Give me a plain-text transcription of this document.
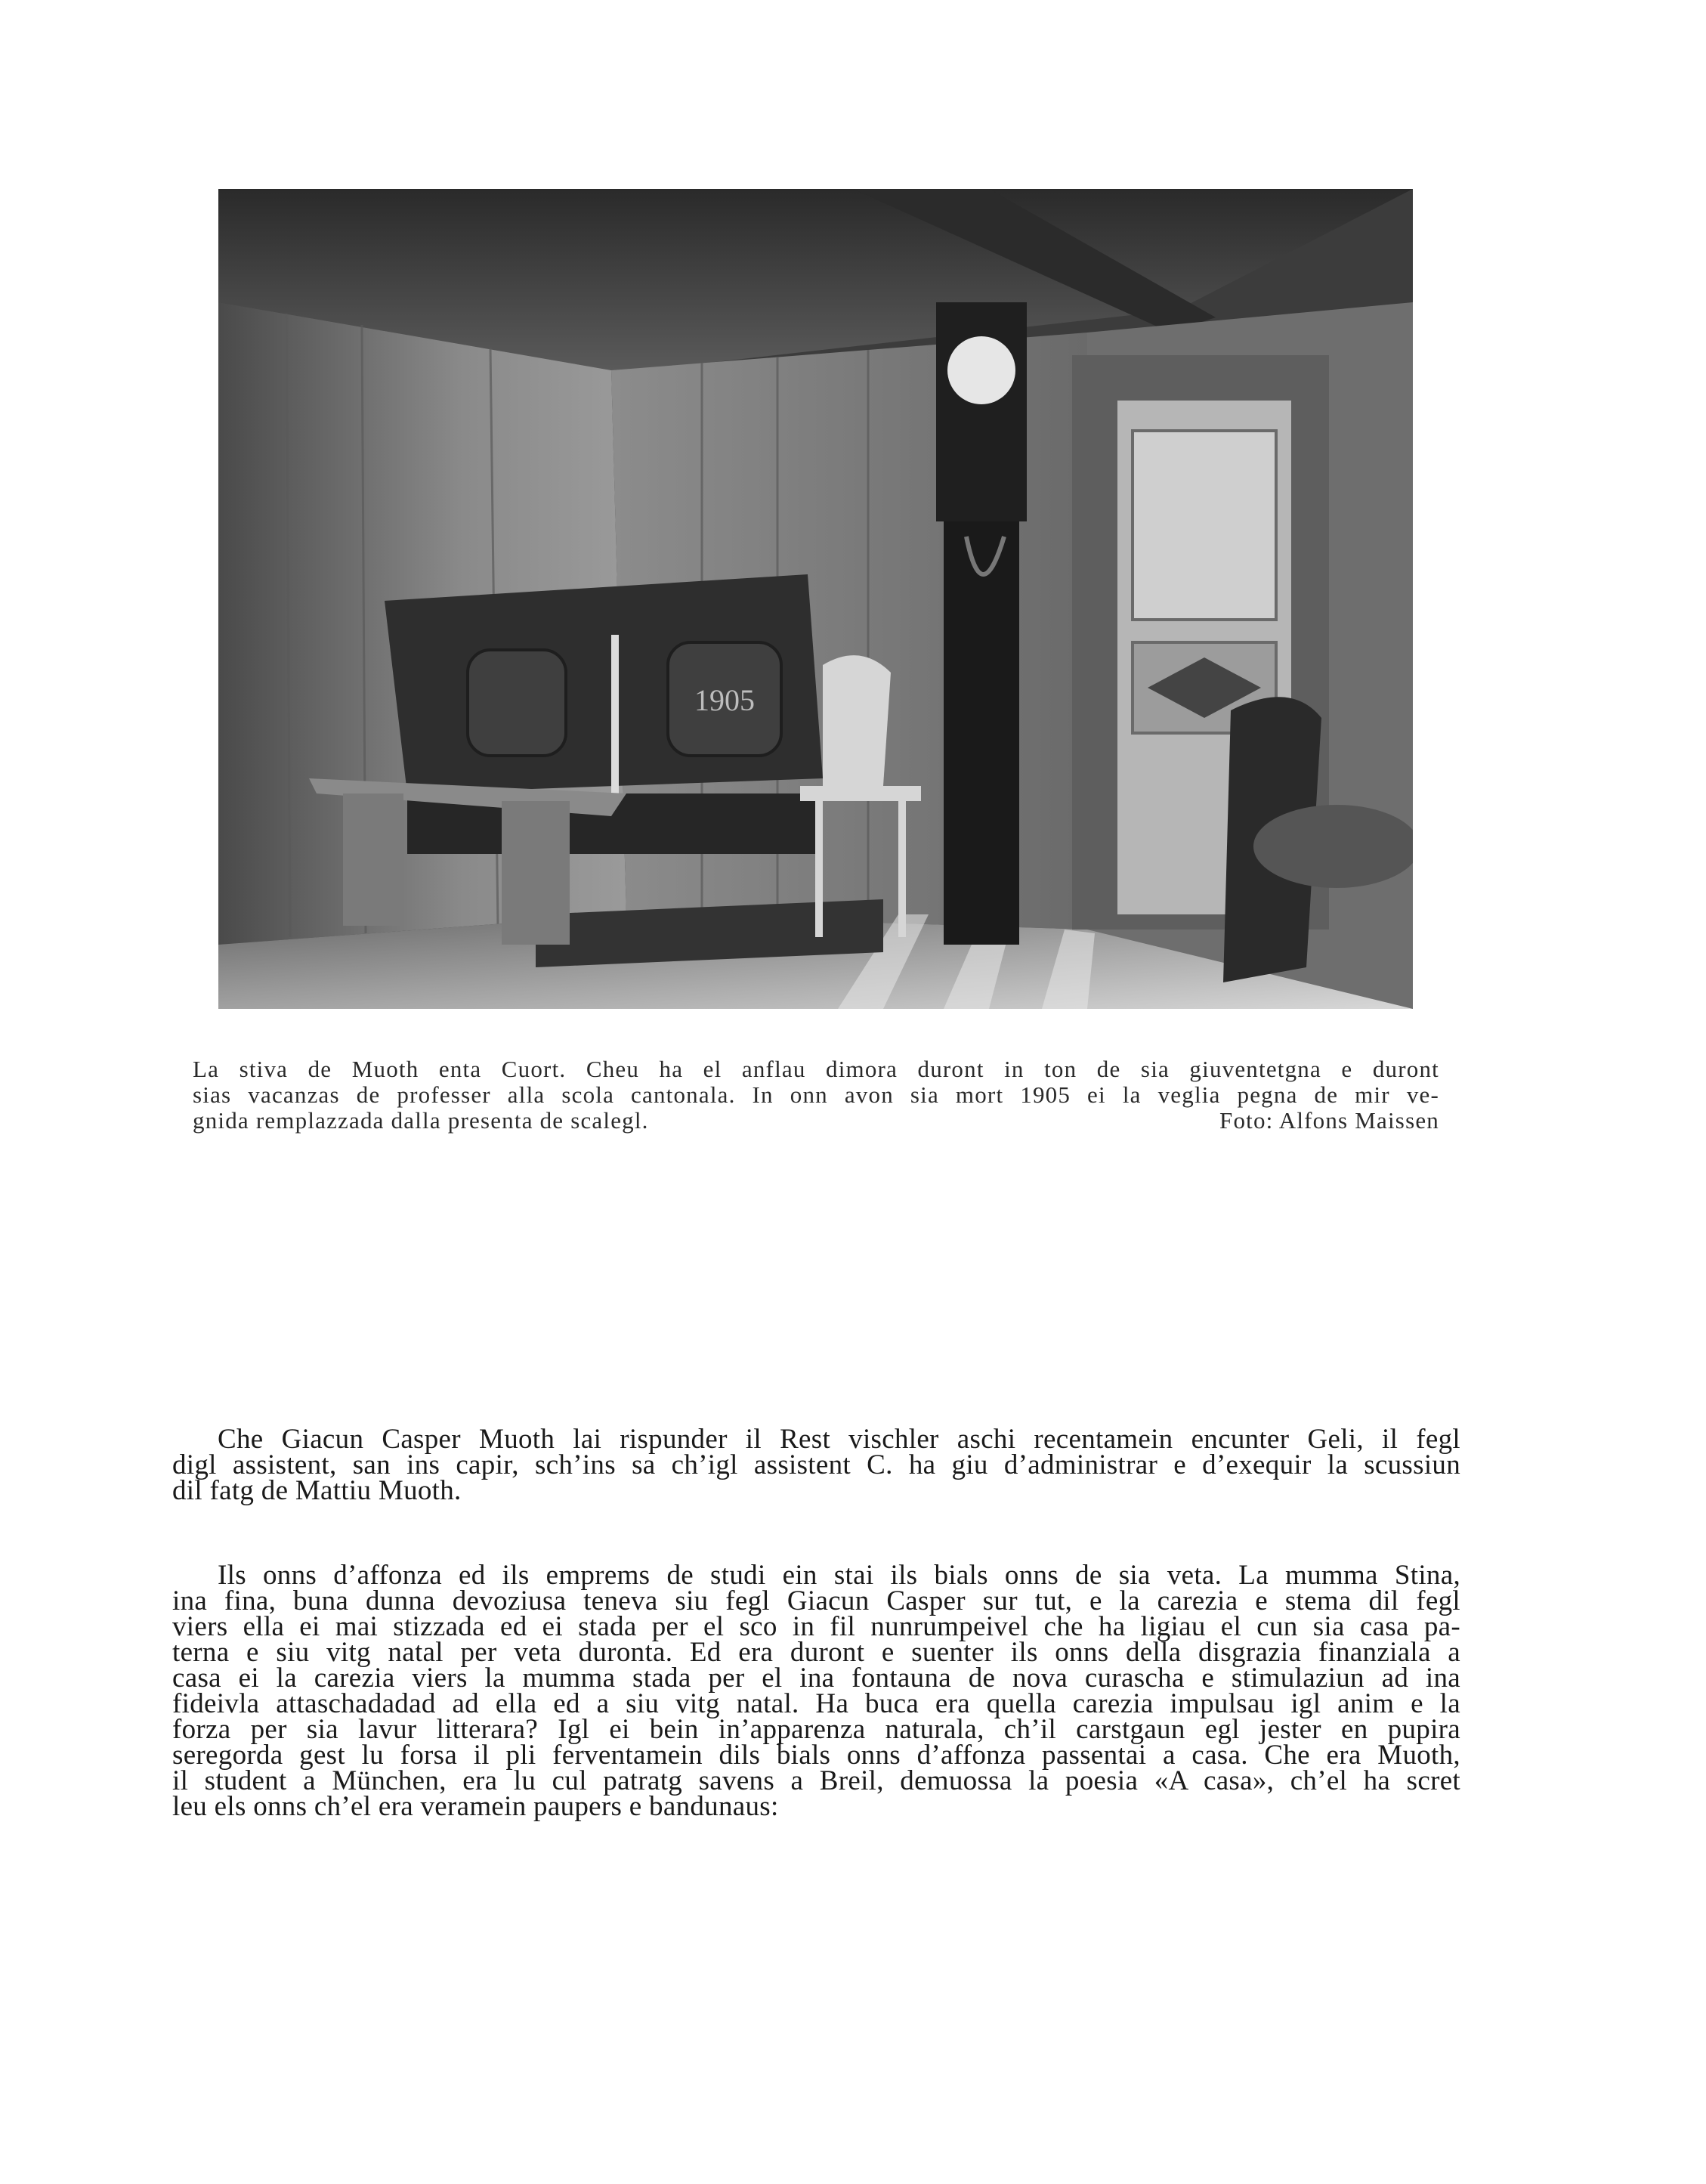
1905
La stiva de Muoth enta Cuort. Cheu ha el anflau dimora duront in ton de sia giuventetgna e duront
sias vacanzas de professer alla scola cantonala. In onn avon sia mort 1905 ei la veglia pegna de mir ve-
gnida remplazzada dalla presenta de scalegl.	Foto: Alfons Maissen
Che Giacun Casper Muoth lai rispunder il Rest vischler aschi recentamein encunter Geli, il fegl
digl assistent, san ins capir, sch’ins sa ch’igl assistent C. ha giu d’administrar e d’exequir la scussiun
dil fatg de Mattiu Muoth.
Ils onns d’affonza ed ils emprems de studi ein stai ils bials onns de sia veta. La mumma Stina,
ina fina, buna dunna devoziusa teneva siu fegl Giacun Casper sur tut, e la carezia e stema dil fegl
viers ella ei mai stizzada ed ei stada per el sco in fil nunrumpeivel che ha ligiau el cun sia casa pa-
terna e siu vitg natal per veta duronta. Ed era duront e suenter ils onns della disgrazia finanziala a
casa ei la carezia viers la mumma stada per el ina fontauna de nova curascha e stimulaziun ad ina
fideivla attaschadadad ad ella ed a siu vitg natal. Ha buca era quella carezia impulsau igl anim e la
forza per sia lavur litterara? Igl ei bein in’apparenza naturala, ch’il carstgaun egl jester en pupira
seregorda gest lu forsa il pli ferventamein dils bials onns d’affonza passentai a casa. Che era Muoth,
il student a München, era lu cul patratg savens a Breil, demuossa la poesia «A casa», ch’el ha scret
leu els onns ch’el era veramein paupers e bandunaus:
